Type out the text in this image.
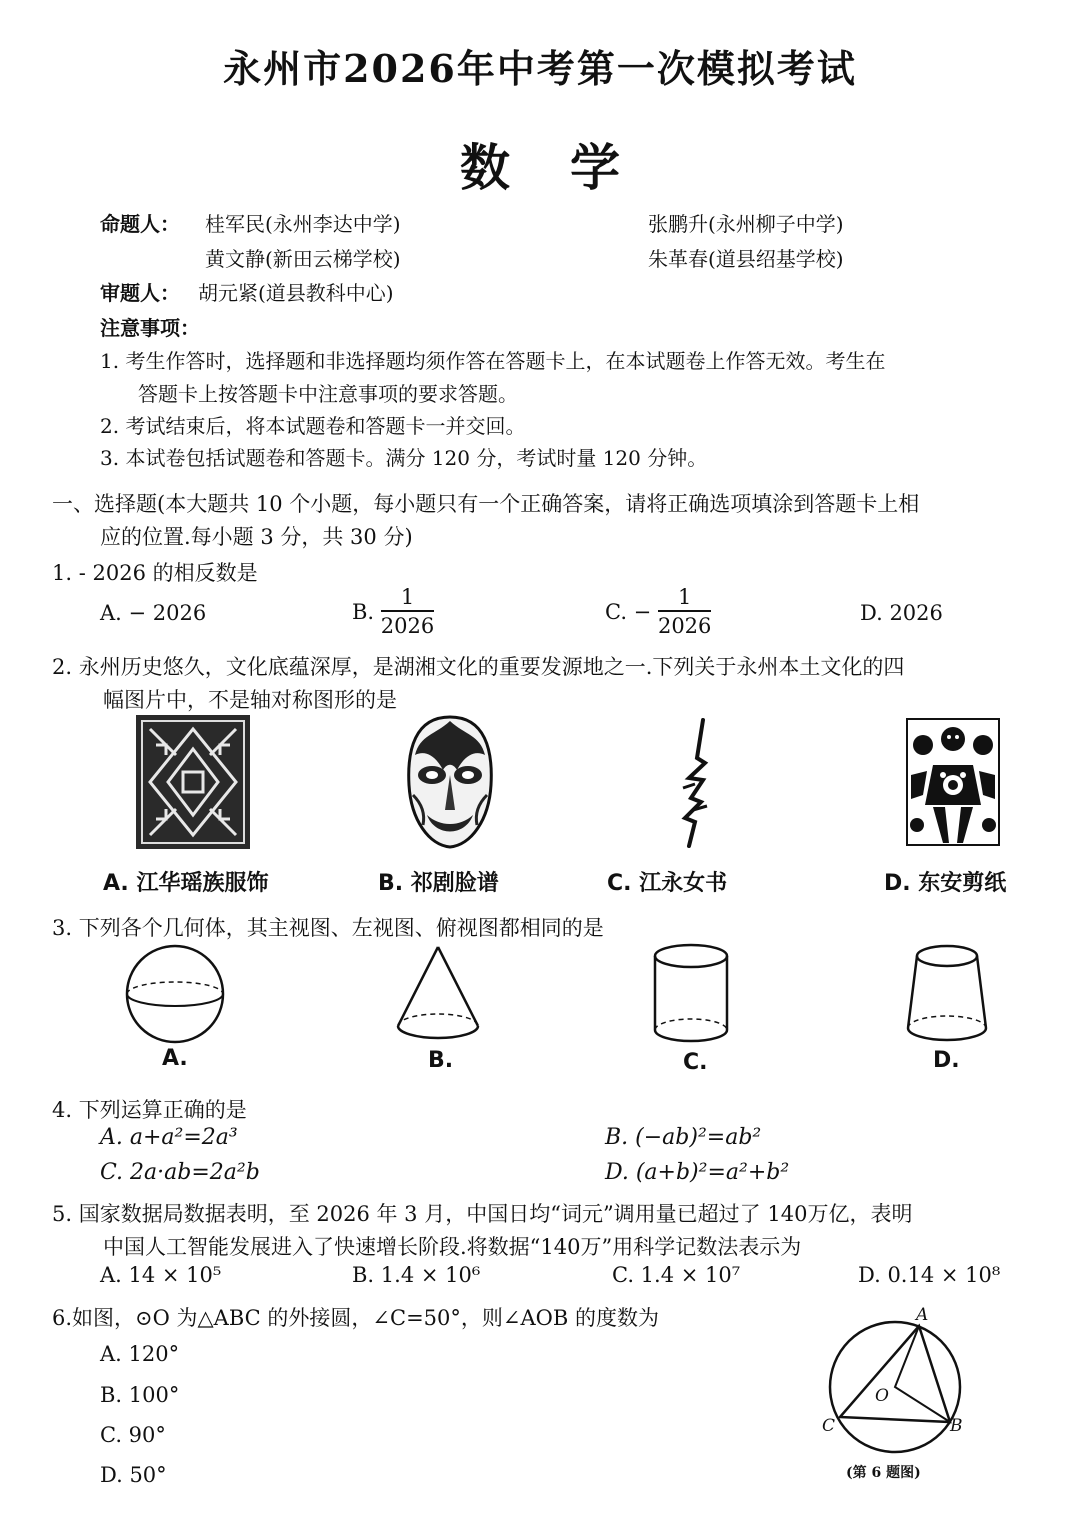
永州市2026年中考第一次模拟考试
数学
命题人： 桂军民(永州李达中学)	张鹏升(永州柳子中学)
黄文静(新田云梯学校)	朱革春(道县绍基学校)
审题人： 胡元紧(道县教科中心)
注意事项：
1. 考生作答时，选择题和非选择题均须作答在答题卡上，在本试题卷上作答无效。考生在
答题卡上按答题卡中注意事项的要求答题。
2. 考试结束后，将本试题卷和答题卡一并交回。
3. 本试卷包括试题卷和答题卡。满分 120 分，考试时量 120 分钟。
一、选择题(本大题共 10 个小题，每小题只有一个正确答案，请将正确选项填涂到答题卡上相
应的位置.每小题 3 分，共 30 分)
1. - 2026 的相反数是
A. − 2026	B. $\frac{1}{2026}$	C. − $\frac{1}{2026}$	D. 2026
2. 永州历史悠久，文化底蕴深厚，是湖湘文化的重要发源地之一.下列关于永州本土文化的四
幅图片中，不是轴对称图形的是
A. 江华瑶族服饰	B. 祁剧脸谱	C. 江永女书	D. 东安剪纸
3. 下列各个几何体，其主视图、左视图、俯视图都相同的是
A.	B.	C.	D.
4. 下列运算正确的是
A. a+a²=2a³	B. (−ab)²=ab²
C. 2a·ab=2a²b	D. (a+b)²=a²+b²
5. 国家数据局数据表明，至 2026 年 3 月，中国日均“词元”调用量已超过了 140万亿，表明
中国人工智能发展进入了快速增长阶段.将数据“140万”用科学记数法表示为
A. 14 × 10⁵	B. 1.4 × 10⁶	C. 1.4 × 10⁷	D. 0.14 × 10⁸
6.如图，⊙O 为△ABC 的外接圆，∠C=50°，则∠AOB 的度数为
A. 120°
B. 100°
C. 90°
D. 50°
A
O
C	B
(第 6 题图)
